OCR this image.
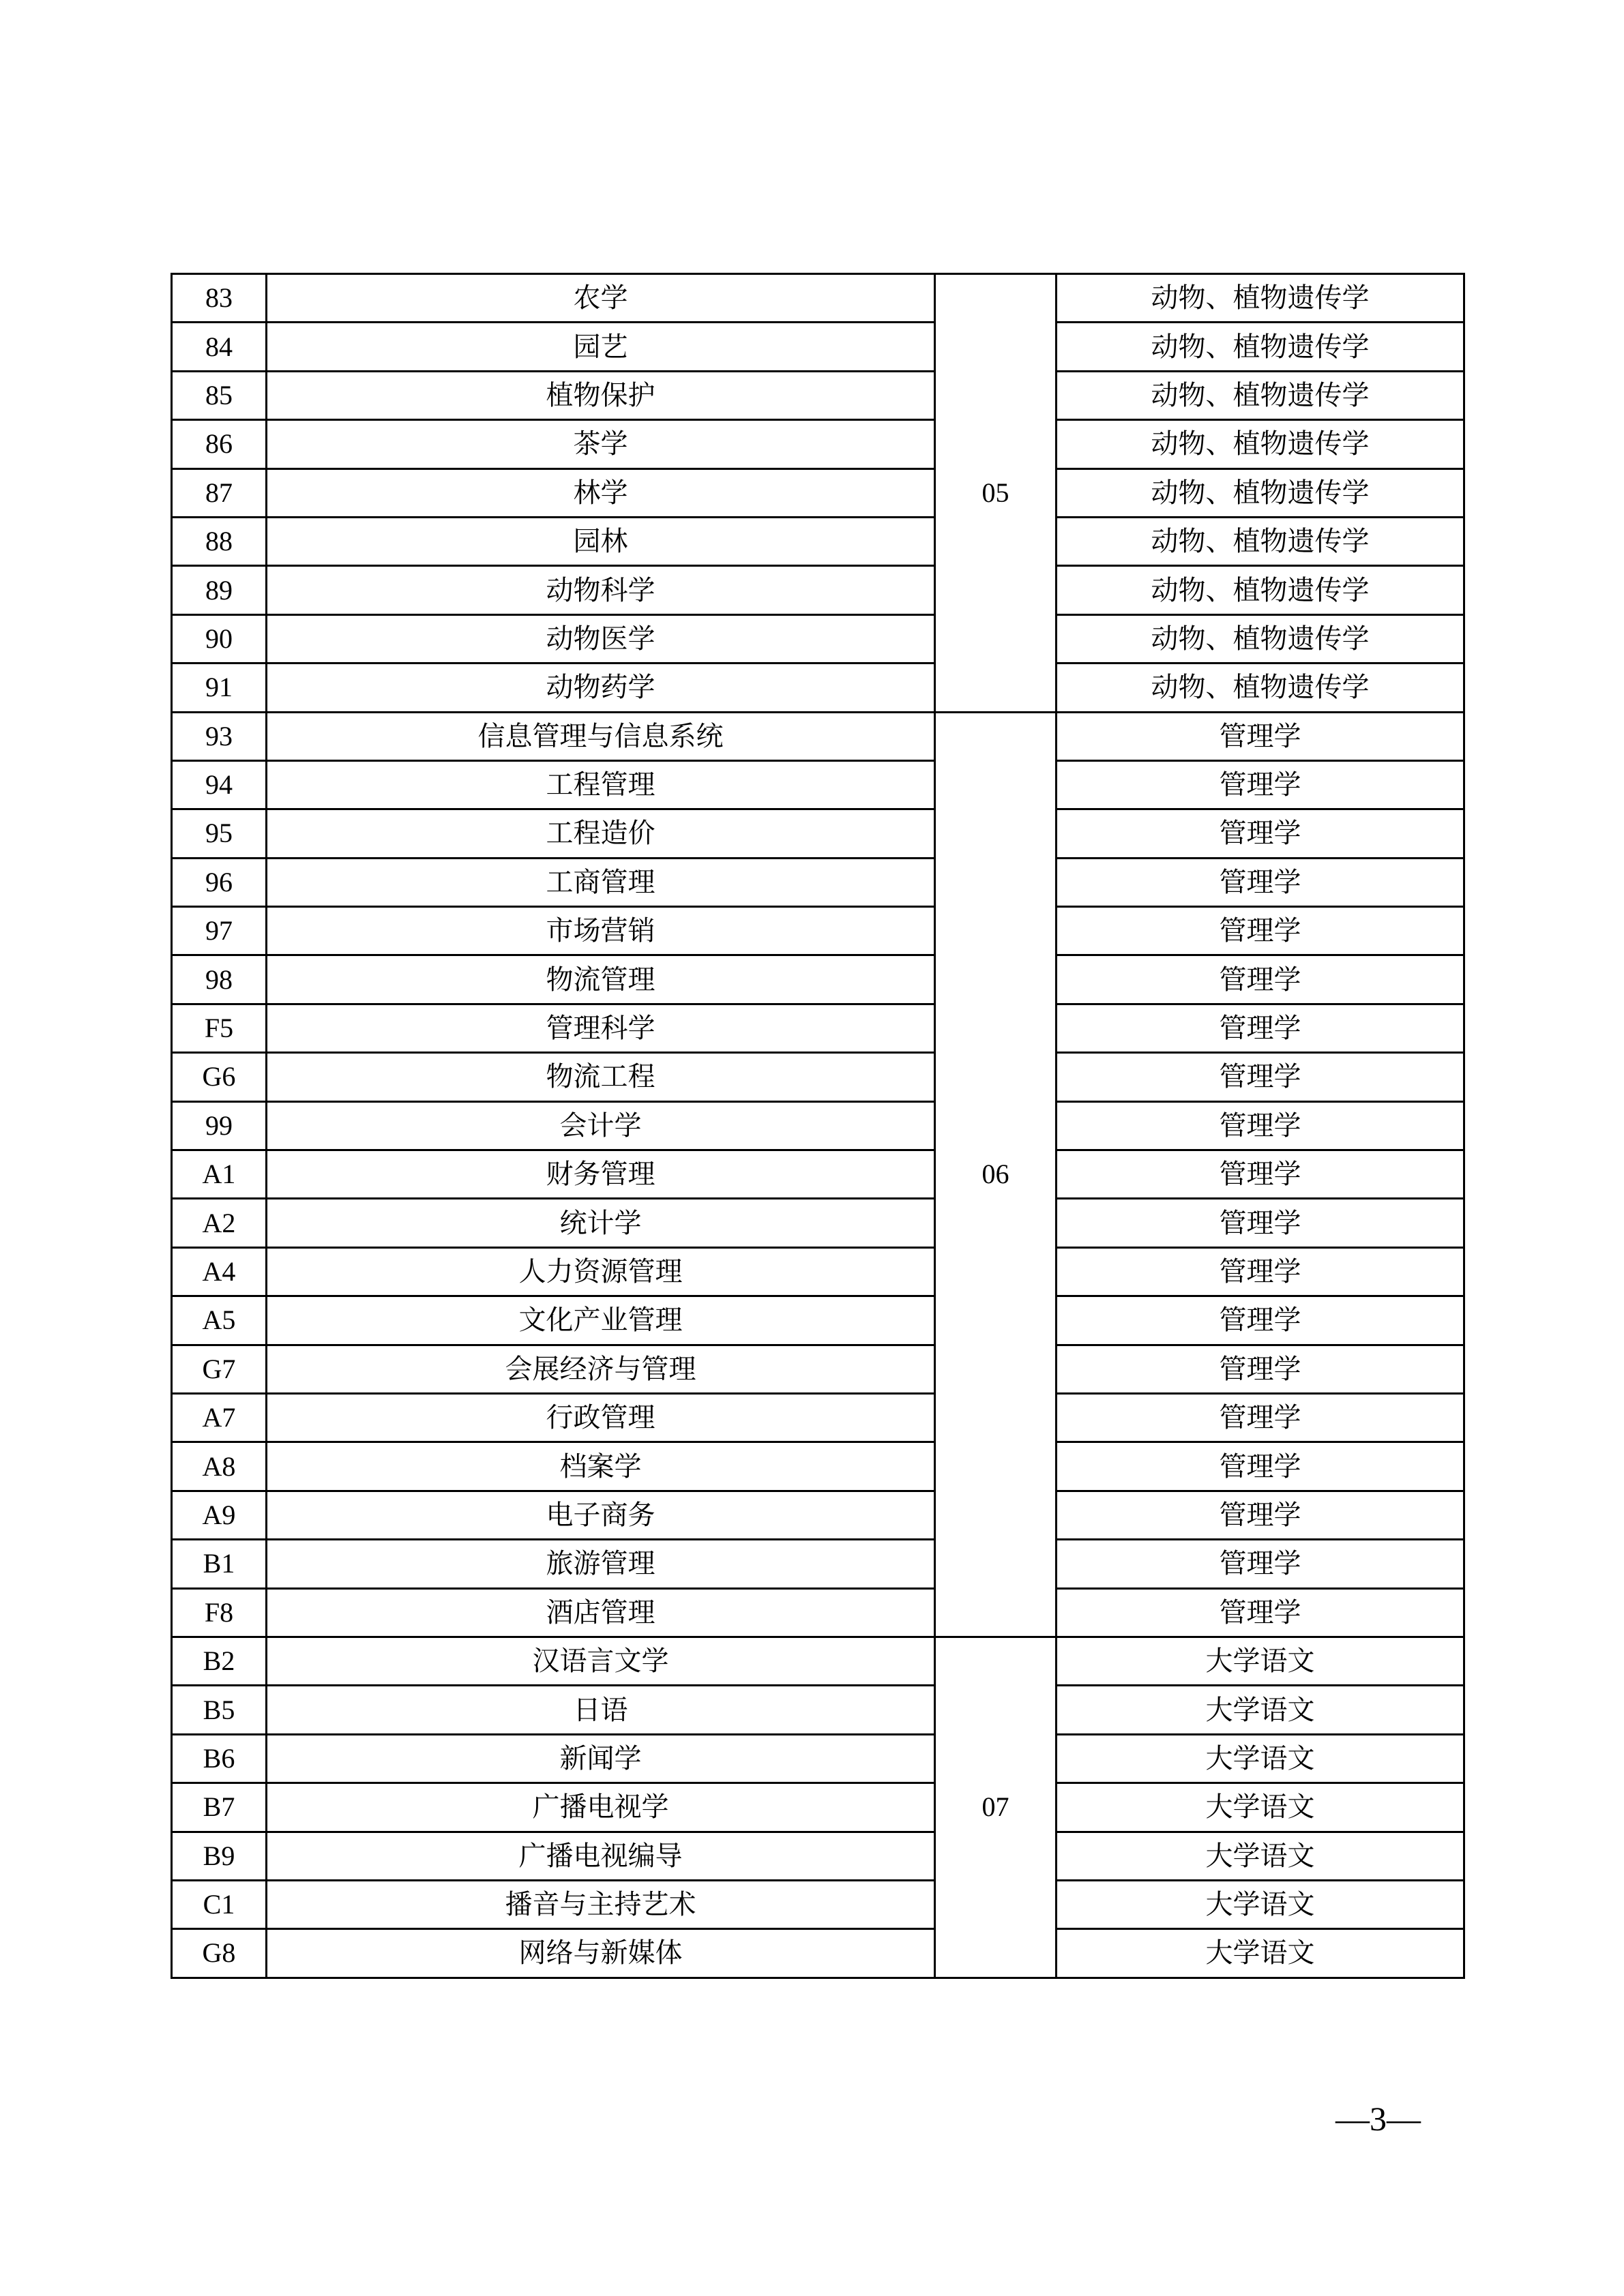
83	农学	05	动物、植物遗传学
84	园艺		动物、植物遗传学
85	植物保护		动物、植物遗传学
86	茶学		动物、植物遗传学
87	林学		动物、植物遗传学
88	园林		动物、植物遗传学
89	动物科学		动物、植物遗传学
90	动物医学		动物、植物遗传学
91	动物药学		动物、植物遗传学
93	信息管理与信息系统	06	管理学
94	工程管理		管理学
95	工程造价		管理学
96	工商管理		管理学
97	市场营销		管理学
98	物流管理		管理学
F5	管理科学		管理学
G6	物流工程		管理学
99	会计学		管理学
A1	财务管理		管理学
A2	统计学		管理学
A4	人力资源管理		管理学
A5	文化产业管理		管理学
G7	会展经济与管理		管理学
A7	行政管理		管理学
A8	档案学		管理学
A9	电子商务		管理学
B1	旅游管理		管理学
F8	酒店管理		管理学
B2	汉语言文学	07	大学语文
B5	日语		大学语文
B6	新闻学		大学语文
B7	广播电视学		大学语文
B9	广播电视编导		大学语文
C1	播音与主持艺术		大学语文
G8	网络与新媒体		大学语文
—3—
